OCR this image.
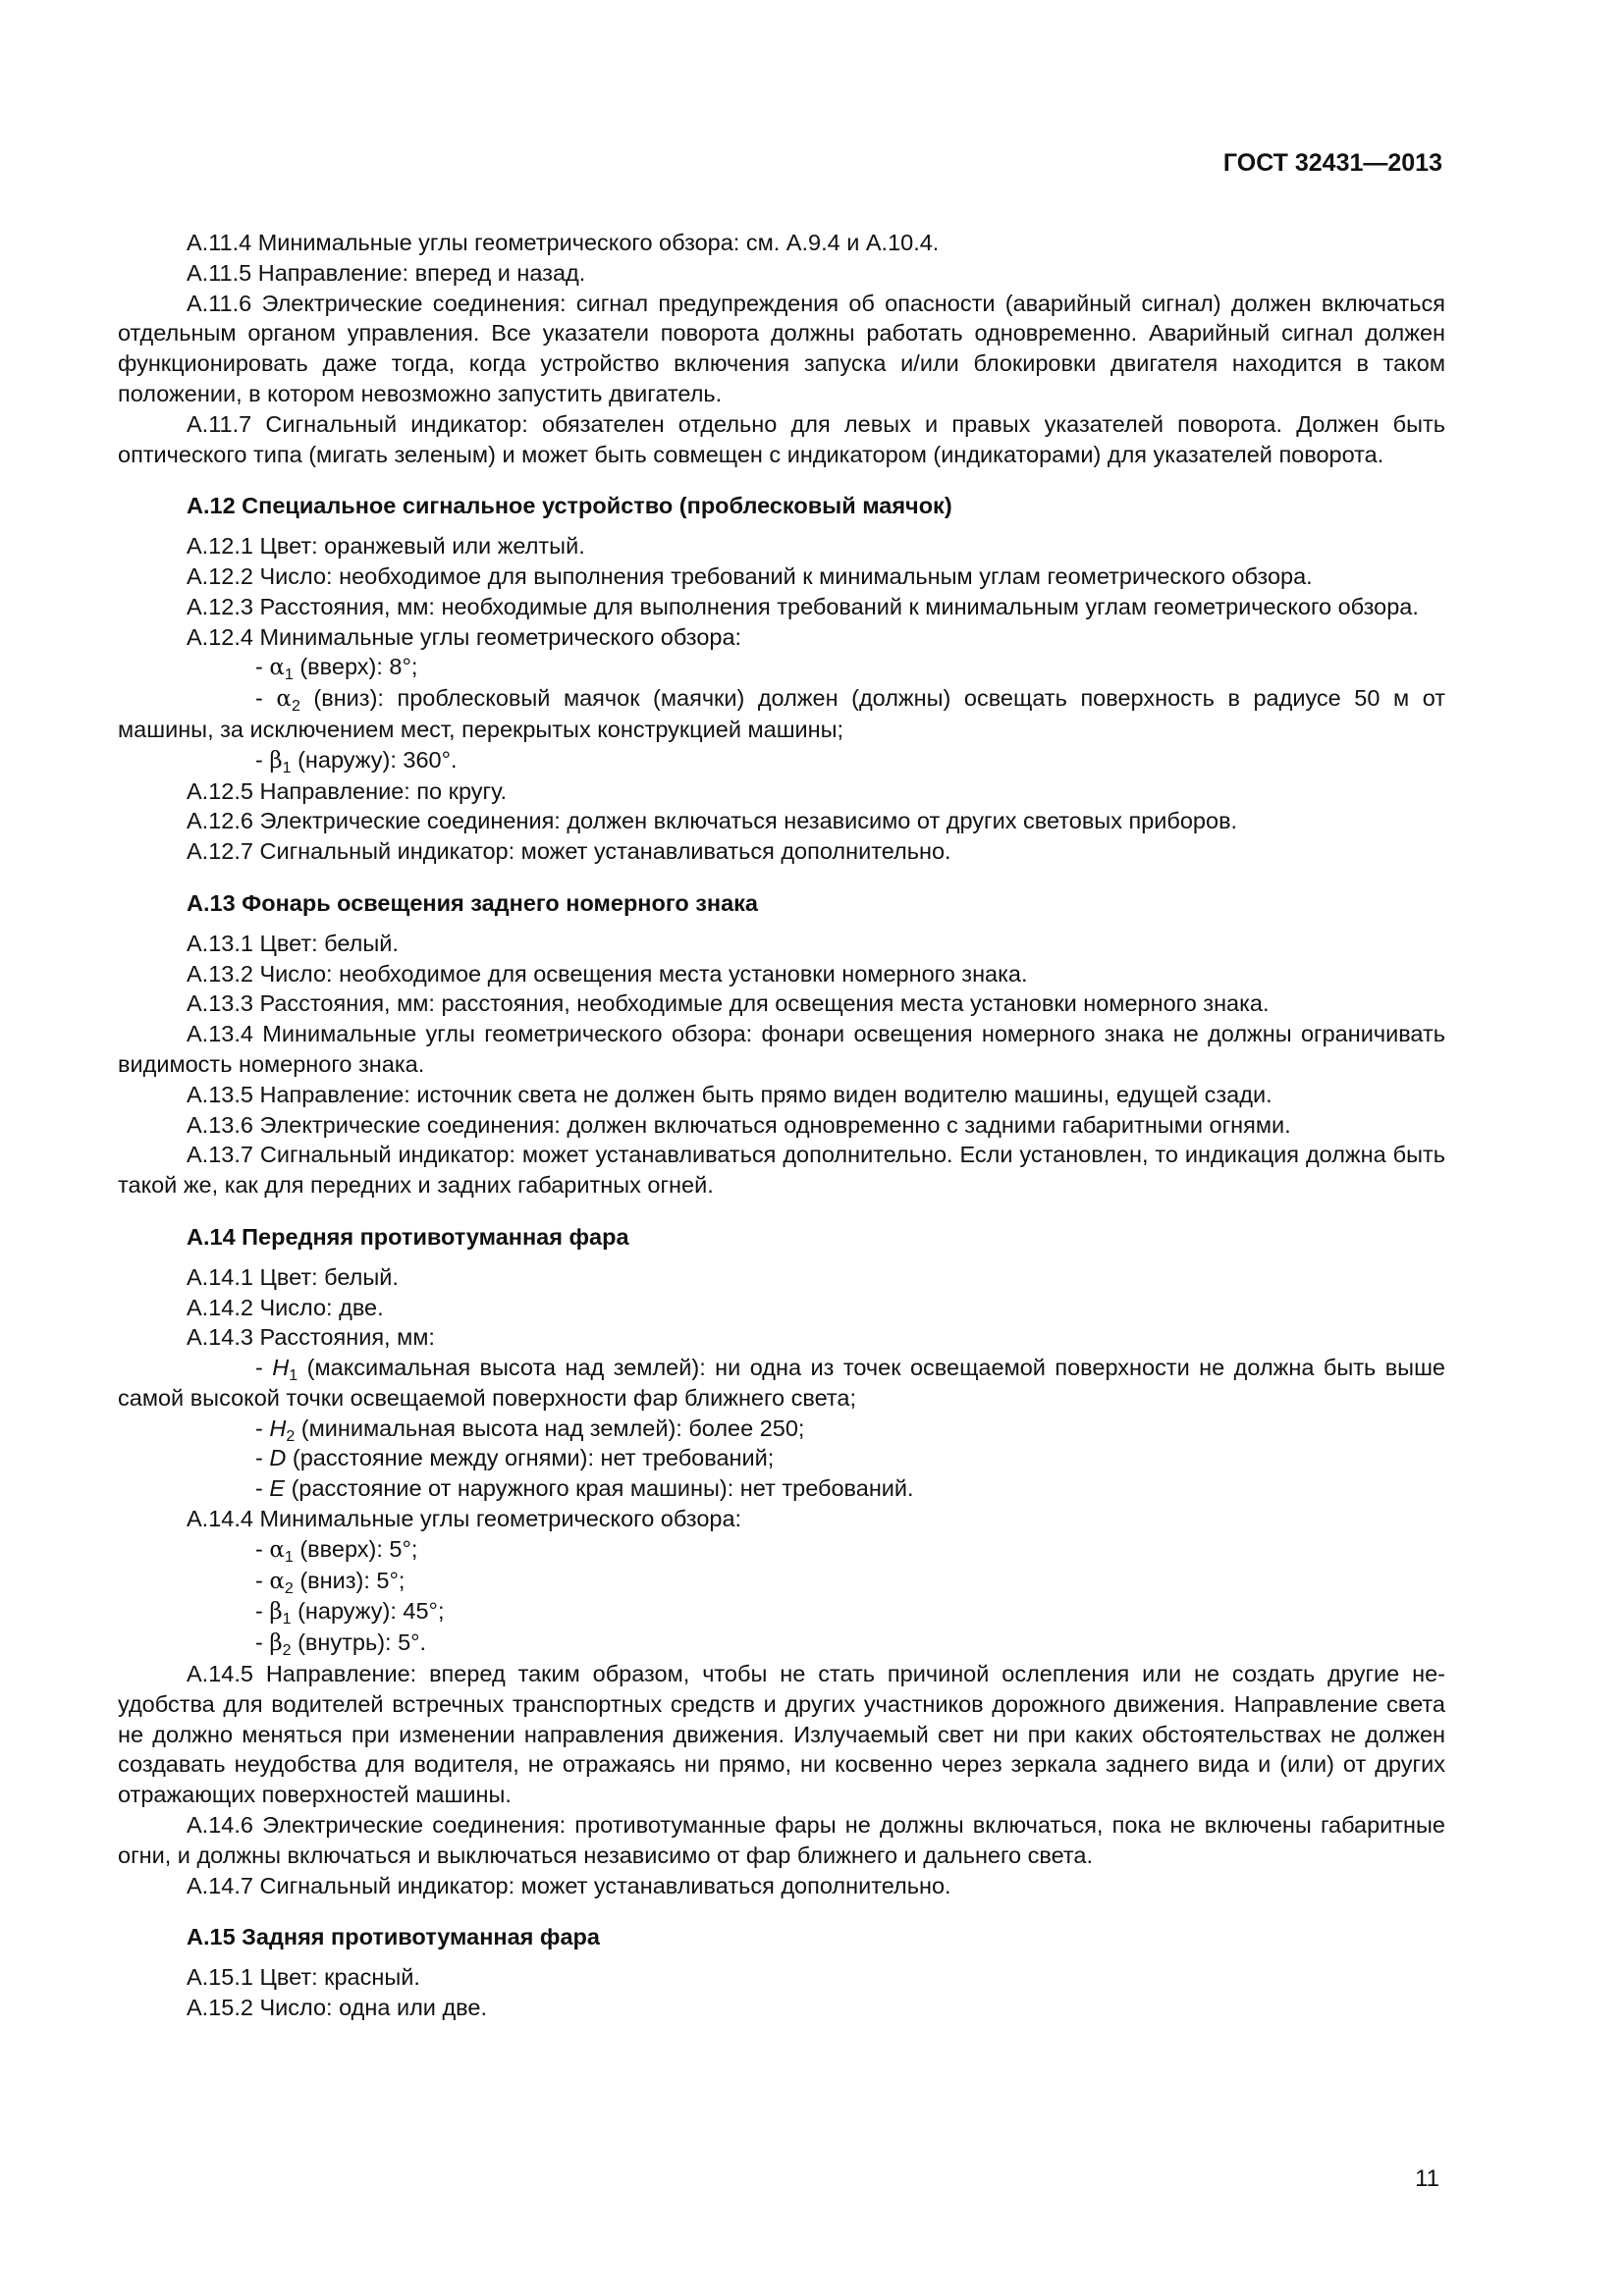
ГОСТ 32431—2013

А.11.4 Минимальные углы геометрического обзора: см. А.9.4 и А.10.4.

А.11.5 Направление: вперед и назад.

А.11.6 Электрические соединения: сигнал предупреждения об опасности (аварийный сигнал) должен включаться отдельным органом управления. Все указатели поворота должны работать одновременно. Аварийный сигнал должен функционировать даже тогда, когда устройство включения запуска и/или блокировки двигателя находится в таком положении, в котором невозможно запустить двигатель.

А.11.7 Сигнальный индикатор: обязателен отдельно для левых и правых указателей поворота. Должен быть оптического типа (мигать зеленым) и может быть совмещен с индикатором (индикаторами) для указателей поворота.

А.12 Специальное сигнальное устройство (проблесковый маячок)

А.12.1 Цвет: оранжевый или желтый.

А.12.2 Число: необходимое для выполнения требований к минимальным углам геометрического обзора.

А.12.3 Расстояния, мм: необходимые для выполнения требований к минимальным углам геометрического обзора.

А.12.4 Минимальные углы геометрического обзора:

- $\alpha_1$ (вверх): 8°;
- $\alpha_2$ (вниз): проблесковый маячок (маячки) должен (должны) освещать поверхность в радиусе 50 м от машины, за исключением мест, перекрытых конструкцией машины;
- $\beta_1$ (наружу): 360°.

А.12.5 Направление: по кругу.

А.12.6 Электрические соединения: должен включаться независимо от других световых приборов.

А.12.7 Сигнальный индикатор: может устанавливаться дополнительно.

А.13 Фонарь освещения заднего номерного знака

А.13.1 Цвет: белый.

А.13.2 Число: необходимое для освещения места установки номерного знака.

А.13.3 Расстояния, мм: расстояния, необходимые для освещения места установки номерного знака.

А.13.4 Минимальные углы геометрического обзора: фонари освещения номерного знака не должны ограничивать видимость номерного знака.

А.13.5 Направление: источник света не должен быть прямо виден водителю машины, едущей сзади.

А.13.6 Электрические соединения: должен включаться одновременно с задними габаритными огнями.

А.13.7 Сигнальный индикатор: может устанавливаться дополнительно. Если установлен, то индикация должна быть такой же, как для передних и задних габаритных огней.

А.14 Передняя противотуманная фара

А.14.1 Цвет: белый.

А.14.2 Число: две.

А.14.3 Расстояния, мм:

- $H_1$ (максимальная высота над землей): ни одна из точек освещаемой поверхности не должна быть выше самой высокой точки освещаемой поверхности фар ближнего света;
- $H_2$ (минимальная высота над землей): более 250;
- D (расстояние между огнями): нет требований;
- E (расстояние от наружного края машины): нет требований.

А.14.4 Минимальные углы геометрического обзора:

- $\alpha_1$ (вверх): 5°;
- $\alpha_2$ (вниз): 5°;
- $\beta_1$ (наружу): 45°;
- $\beta_2$ (внутрь): 5°.

А.14.5 Направление: вперед таким образом, чтобы не стать причиной ослепления или не создать другие неудобства для водителей встречных транспортных средств и других участников дорожного движения. Направление света не должно меняться при изменении направления движения. Излучаемый свет ни при каких обстоятельствах не должен создавать неудобства для водителя, не отражаясь ни прямо, ни косвенно через зеркала заднего вида и (или) от других отражающих поверхностей машины.

А.14.6 Электрические соединения: противотуманные фары не должны включаться, пока не включены габаритные огни, и должны включаться и выключаться независимо от фар ближнего и дальнего света.

А.14.7 Сигнальный индикатор: может устанавливаться дополнительно.

А.15 Задняя противотуманная фара

А.15.1 Цвет: красный.

А.15.2 Число: одна или две.

11
